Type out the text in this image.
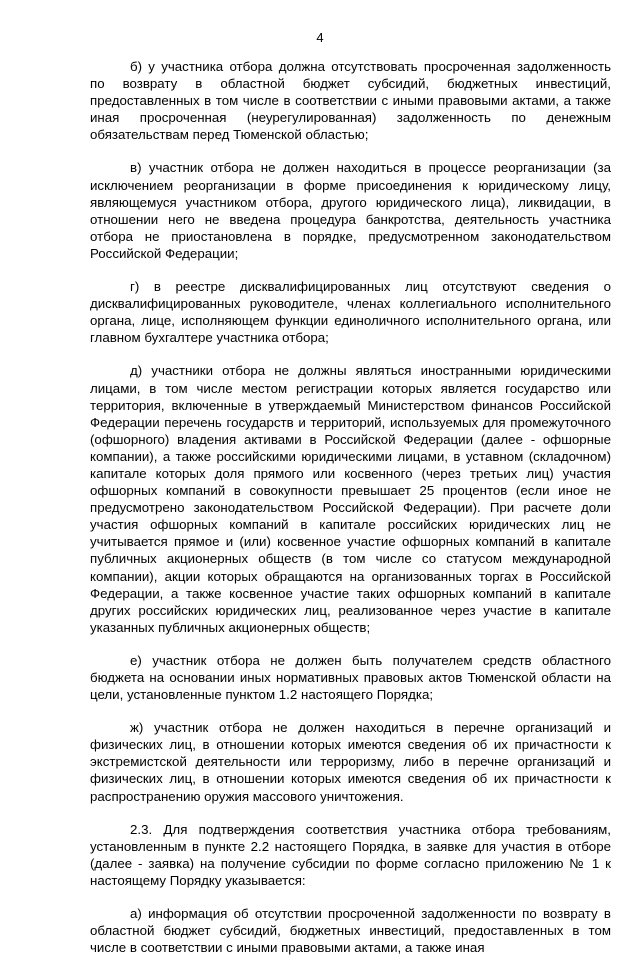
4

б) у участника отбора должна отсутствовать просроченная задолженность по возврату в областной бюджет субсидий, бюджетных инвестиций, предоставленных в том числе в соответствии с иными правовыми актами, а также иная просроченная (неурегулированная) задолженность по денежным обязательствам перед Тюменской областью;

в) участник отбора не должен находиться в процессе реорганизации (за исключением реорганизации в форме присоединения к юридическому лицу, являющемуся участником отбора, другого юридического лица), ликвидации, в отношении него не введена процедура банкротства, деятельность участника отбора не приостановлена в порядке, предусмотренном законодательством Российской Федерации;

г) в реестре дисквалифицированных лиц отсутствуют сведения о дисквалифицированных руководителе, членах коллегиального исполнительного органа, лице, исполняющем функции единоличного исполнительного органа, или главном бухгалтере участника отбора;

д) участники отбора не должны являться иностранными юридическими лицами, в том числе местом регистрации которых является государство или территория, включенные в утверждаемый Министерством финансов Российской Федерации перечень государств и территорий, используемых для промежуточного (офшорного) владения активами в Российской Федерации (далее - офшорные компании), а также российскими юридическими лицами, в уставном (складочном) капитале которых доля прямого или косвенного (через третьих лиц) участия офшорных компаний в совокупности превышает 25 процентов (если иное не предусмотрено законодательством Российской Федерации). При расчете доли участия офшорных компаний в капитале российских юридических лиц не учитывается прямое и (или) косвенное участие офшорных компаний в капитале публичных акционерных обществ (в том числе со статусом международной компании), акции которых обращаются на организованных торгах в Российской Федерации, а также косвенное участие таких офшорных компаний в капитале других российских юридических лиц, реализованное через участие в капитале указанных публичных акционерных обществ;

е) участник отбора не должен быть получателем средств областного бюджета на основании иных нормативных правовых актов Тюменской области на цели, установленные пунктом 1.2 настоящего Порядка;

ж) участник отбора не должен находиться в перечне организаций и физических лиц, в отношении которых имеются сведения об их причастности к экстремистской деятельности или терроризму, либо в перечне организаций и физических лиц, в отношении которых имеются сведения об их причастности к распространению оружия массового уничтожения.

2.3. Для подтверждения соответствия участника отбора требованиям, установленным в пункте 2.2 настоящего Порядка, в заявке для участия в отборе (далее - заявка) на получение субсидии по форме согласно приложению № 1 к настоящему Порядку указывается:

а) информация об отсутствии просроченной задолженности по возврату в областной бюджет субсидий, бюджетных инвестиций, предоставленных в том числе в соответствии с иными правовыми актами, а также иная
